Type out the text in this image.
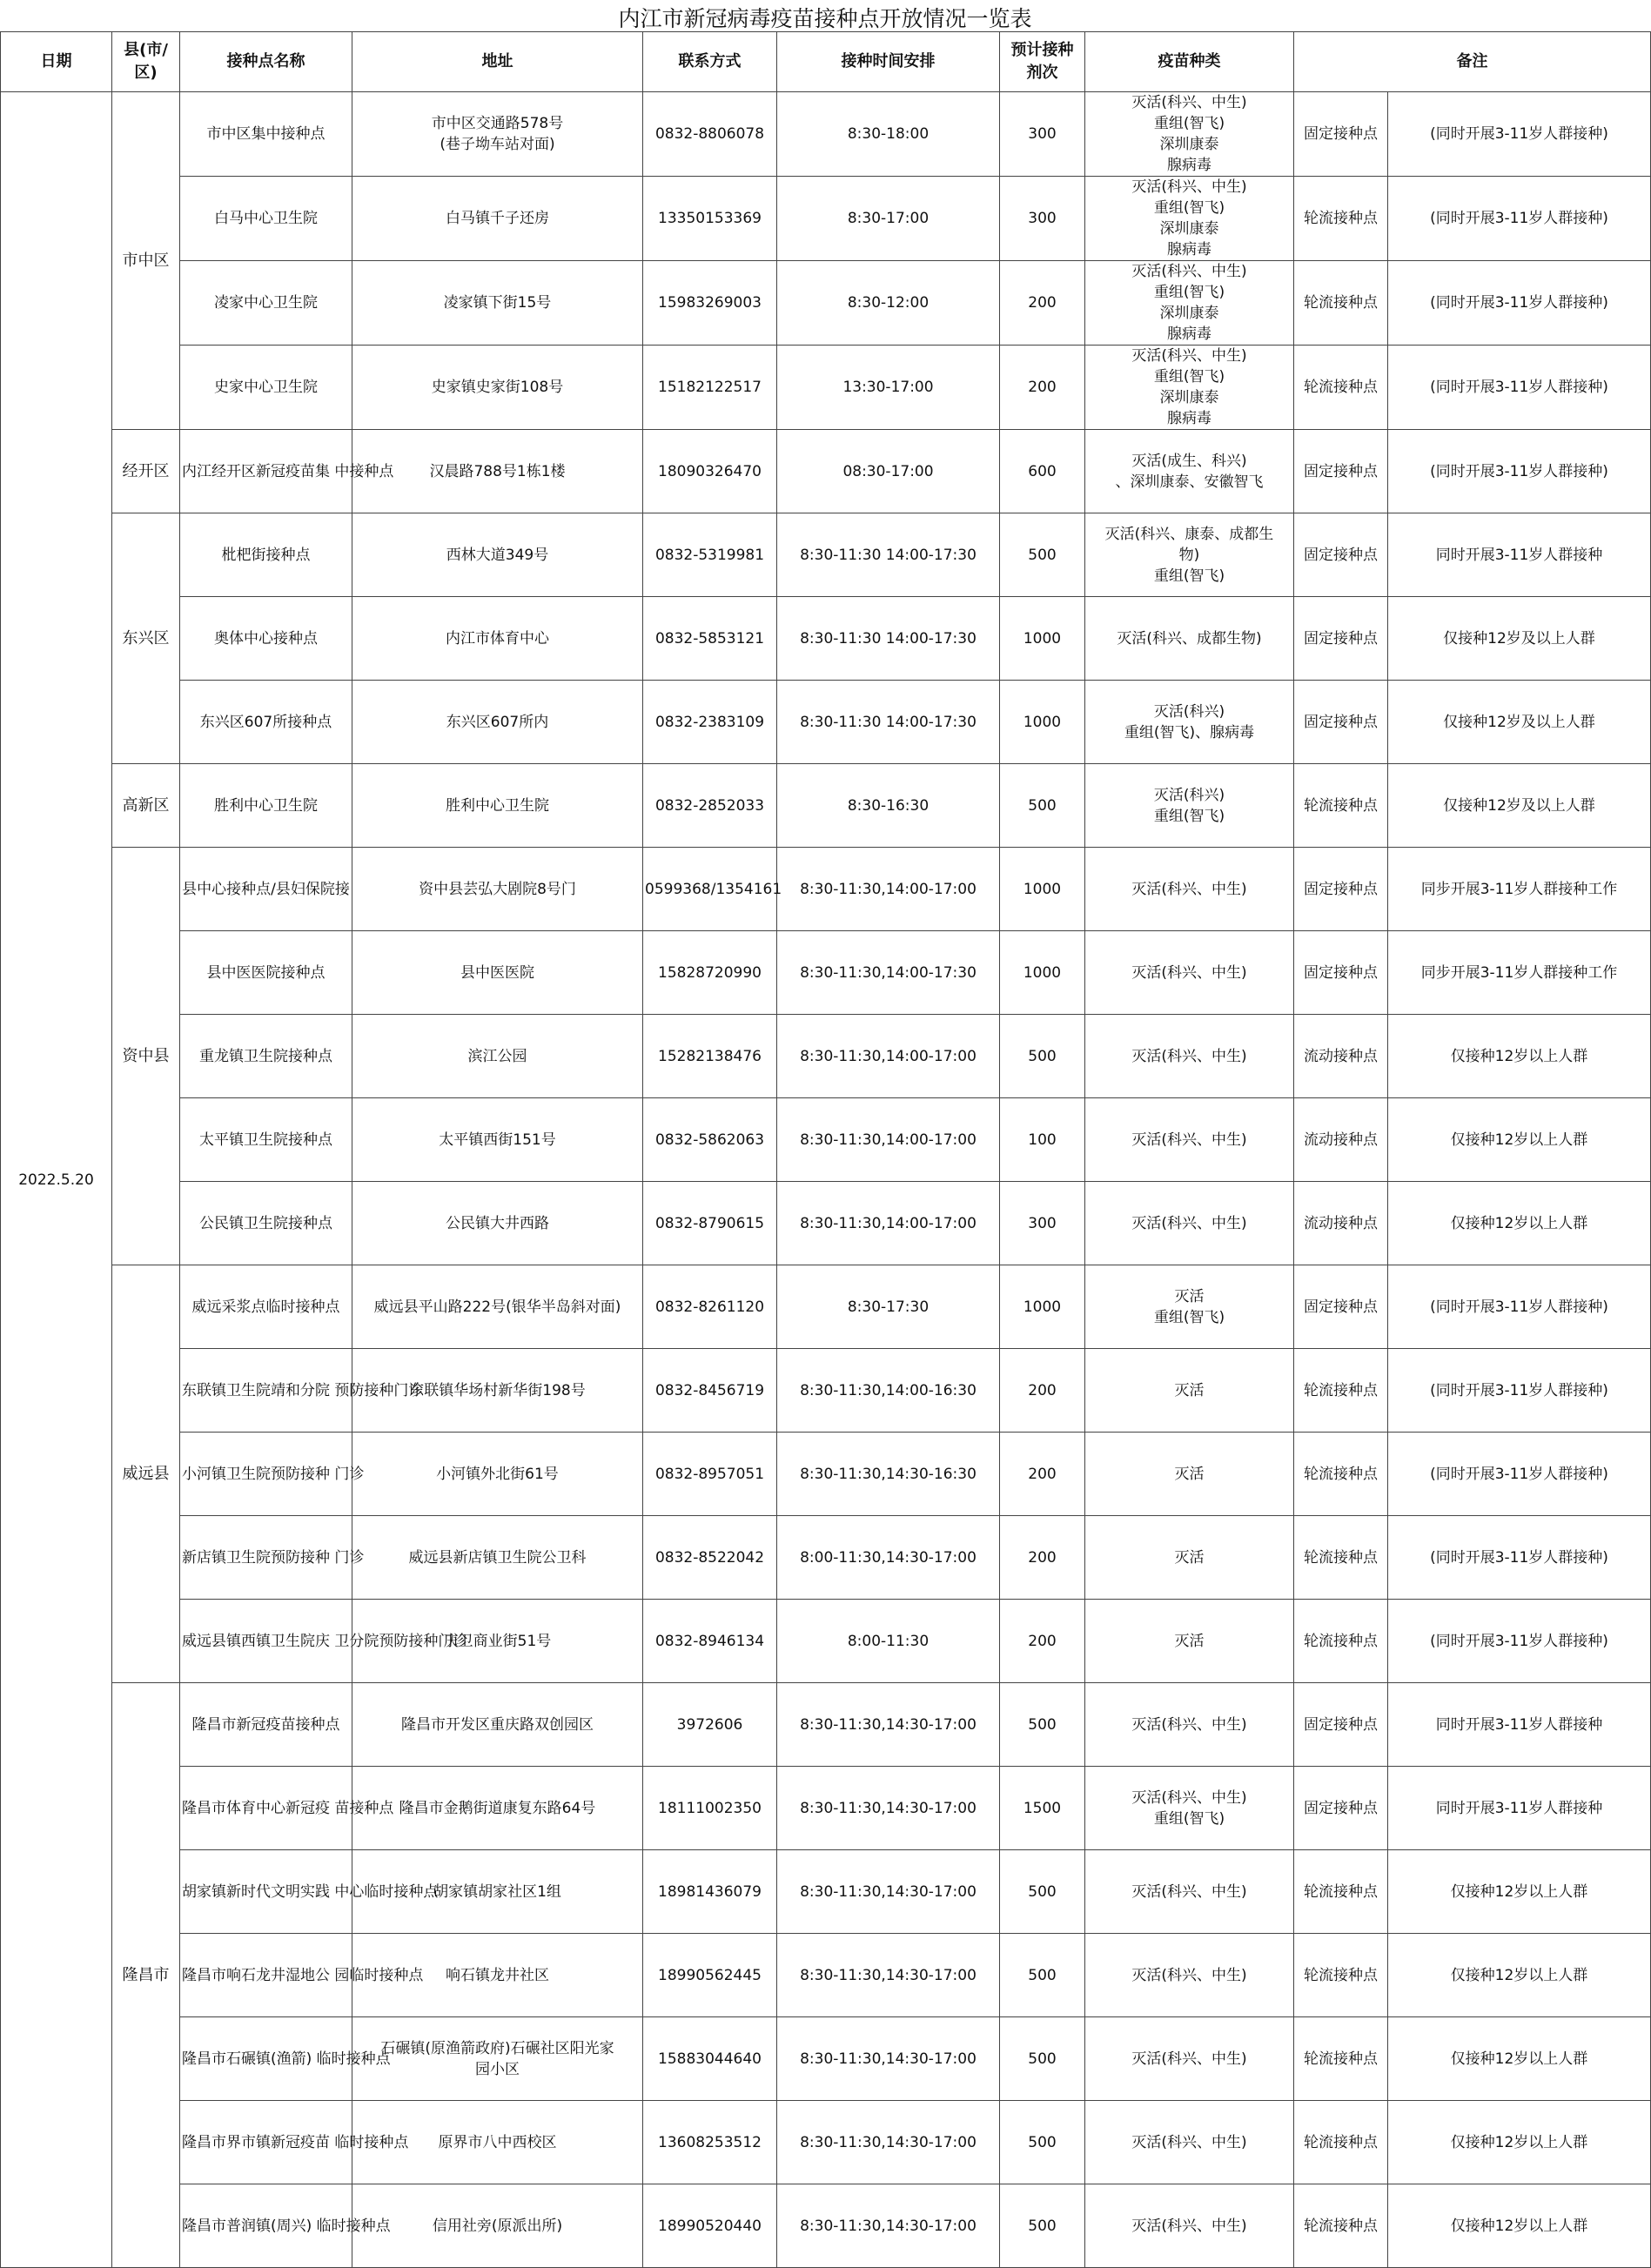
内江市新冠病毒疫苗接种点开放情况一览表
日期	县(市/
区)	接种点名称	地址	联系方式	接种时间安排	预计接种
剂次	疫苗种类	备注	
2022.5.20	市中区	市中区集中接种点	市中区交通路578号
(巷子坳车站对面)	0832-8806078	8:30-18:00	300	灭活(科兴、中生)
重组(智飞)
深圳康泰
腺病毒	固定接种点	(同时开展3-11岁人群接种)
		白马中心卫生院	白马镇千子还房	13350153369	8:30-17:00	300	灭活(科兴、中生)
重组(智飞)
深圳康泰
腺病毒	轮流接种点	(同时开展3-11岁人群接种)
		凌家中心卫生院	凌家镇下街15号	15983269003	8:30-12:00	200	灭活(科兴、中生)
重组(智飞)
深圳康泰
腺病毒	轮流接种点	(同时开展3-11岁人群接种)
		史家中心卫生院	史家镇史家街108号	15182122517	13:30-17:00	200	灭活(科兴、中生)
重组(智飞)
深圳康泰
腺病毒	轮流接种点	(同时开展3-11岁人群接种)
	经开区	内江经开区新冠疫苗集 中接种点	汉晨路788号1栋1楼	18090326470	08:30-17:00	600	灭活(成生、科兴)
、深圳康泰、安徽智飞	固定接种点	(同时开展3-11岁人群接种)
	东兴区	枇杷街接种点	西林大道349号	0832-5319981	8:30-11:30 14:00-17:30	500	灭活(科兴、康泰、成都生
物)
重组(智飞)	固定接种点	同时开展3-11岁人群接种
		奥体中心接种点	内江市体育中心	0832-5853121	8:30-11:30 14:00-17:30	1000	灭活(科兴、成都生物)	固定接种点	仅接种12岁及以上人群
		东兴区607所接种点	东兴区607所内	0832-2383109	8:30-11:30 14:00-17:30	1000	灭活(科兴)
重组(智飞)、腺病毒	固定接种点	仅接种12岁及以上人群
	高新区	胜利中心卫生院	胜利中心卫生院	0832-2852033	8:30-16:30	500	灭活(科兴)
重组(智飞)	轮流接种点	仅接种12岁及以上人群
	资中县	县中心接种点/县妇保院接	资中县芸弘大剧院8号门	0599368/1354161	8:30-11:30,14:00-17:00	1000	灭活(科兴、中生)	固定接种点	同步开展3-11岁人群接种工作
		县中医医院接种点	县中医医院	15828720990	8:30-11:30,14:00-17:30	1000	灭活(科兴、中生)	固定接种点	同步开展3-11岁人群接种工作
		重龙镇卫生院接种点	滨江公园	15282138476	8:30-11:30,14:00-17:00	500	灭活(科兴、中生)	流动接种点	仅接种12岁以上人群
		太平镇卫生院接种点	太平镇西街151号	0832-5862063	8:30-11:30,14:00-17:00	100	灭活(科兴、中生)	流动接种点	仅接种12岁以上人群
		公民镇卫生院接种点	公民镇大井西路	0832-8790615	8:30-11:30,14:00-17:00	300	灭活(科兴、中生)	流动接种点	仅接种12岁以上人群
	威远县	威远采浆点临时接种点	威远县平山路222号(银华半岛斜对面)	0832-8261120	8:30-17:30	1000	灭活
重组(智飞)	固定接种点	(同时开展3-11岁人群接种)
		东联镇卫生院靖和分院 预防接种门诊	东联镇华场村新华街198号	0832-8456719	8:30-11:30,14:00-16:30	200	灭活	轮流接种点	(同时开展3-11岁人群接种)
		小河镇卫生院预防接种 门诊	小河镇外北街61号	0832-8957051	8:30-11:30,14:30-16:30	200	灭活	轮流接种点	(同时开展3-11岁人群接种)
		新店镇卫生院预防接种 门诊	威远县新店镇卫生院公卫科	0832-8522042	8:00-11:30,14:30-17:00	200	灭活	轮流接种点	(同时开展3-11岁人群接种)
		威远县镇西镇卫生院庆 卫分院预防接种门诊	庆卫商业街51号	0832-8946134	8:00-11:30	200	灭活	轮流接种点	(同时开展3-11岁人群接种)
	隆昌市	隆昌市新冠疫苗接种点	隆昌市开发区重庆路双创园区	3972606	8:30-11:30,14:30-17:00	500	灭活(科兴、中生)	固定接种点	同时开展3-11岁人群接种
		隆昌市体育中心新冠疫 苗接种点	隆昌市金鹅街道康复东路64号	18111002350	8:30-11:30,14:30-17:00	1500	灭活(科兴、中生)
重组(智飞)	固定接种点	同时开展3-11岁人群接种
		胡家镇新时代文明实践 中心临时接种点	胡家镇胡家社区1组	18981436079	8:30-11:30,14:30-17:00	500	灭活(科兴、中生)	轮流接种点	仅接种12岁以上人群
		隆昌市响石龙井湿地公 园临时接种点	响石镇龙井社区	18990562445	8:30-11:30,14:30-17:00	500	灭活(科兴、中生)	轮流接种点	仅接种12岁以上人群
		隆昌市石碾镇(渔箭) 临时接种点	石碾镇(原渔箭政府)石碾社区阳光家
园小区	15883044640	8:30-11:30,14:30-17:00	500	灭活(科兴、中生)	轮流接种点	仅接种12岁以上人群
		隆昌市界市镇新冠疫苗 临时接种点	原界市八中西校区	13608253512	8:30-11:30,14:30-17:00	500	灭活(科兴、中生)	轮流接种点	仅接种12岁以上人群
		隆昌市普润镇(周兴) 临时接种点	信用社旁(原派出所)	18990520440	8:30-11:30,14:30-17:00	500	灭活(科兴、中生)	轮流接种点	仅接种12岁以上人群
